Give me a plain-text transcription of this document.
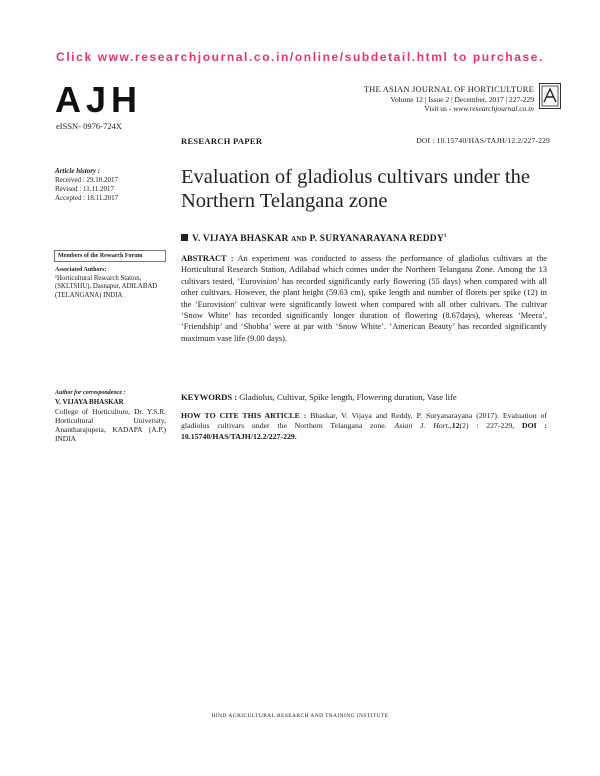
Click www.researchjournal.co.in/online/subdetail.html to purchase.
AJH
eISSN- 0976-724X
THE ASIAN JOURNAL OF HORTICULTURE
Volume 12 | Issue 2 | December, 2017 | 227-229
Visit us - www.researchjournal.co.in
RESEARCH PAPER	DOI : 10.15740/HAS/TAJH/12.2/227-229
Article history :
Received : 29.10.2017
Revised : 11.11.2017
Accepted : 18.11.2017
Evaluation of gladiolus cultivars under the Northern Telangana zone
V. VIJAYA BHASKAR AND P. SURYANARAYANA REDDY$^1$
Members of the Research Forum
Associated Authors:
¹Horticultural Research Station, (SKLTSHU), Dasnapur, ADILABAD (TELANGANA) INDIA

ABSTRACT : An experiment was conducted to assess the performance of gladiolus cultivars at the Horticultural Research Station, Adilabad which comes under the Northern Telangana Zone. Among the 13 cultivars tested, ‘Eurovision’ has recorded significantly early flowering (55 days) when compared with all other cultivars. However, the plant height (59.63 cm), spike length and number of florets per spike (12) in the ‘Eurovision’ cultivar were significantly lowest when compared with all other cultivars. The cultivar ‘Snow White’ has recorded significantly longer duration of flowering (8.67days), whereas ‘Meera’, ‘Friendship’ and ‘Shobha’ were at par with ‘Snow White’. ‘American Beauty’ has recorded significantly maximum vase life (9.00 days).

KEYWORDS : Gladiolus, Cultivar, Spike length, Flowering duration, Vase life

HOW TO CITE THIS ARTICLE : Bhaskar, V. Vijaya and Reddy, P. Suryanarayana (2017). Evaluation of gladiolus cultivars under the Northern Telangana zone. Asian J. Hort.,12(2) : 227-229, DOI : 10.15740/HAS/TAJH/12.2/227-229.

Author for correspondence :
V. VIJAYA BHASKAR
College of Horticulture, Dr. Y.S.R. Horticultural University, Anantharajupeta, KADAPA (A.P.) INDIA
HIND AGRICULTURAL RESEARCH AND TRAINING INSTITUTE
